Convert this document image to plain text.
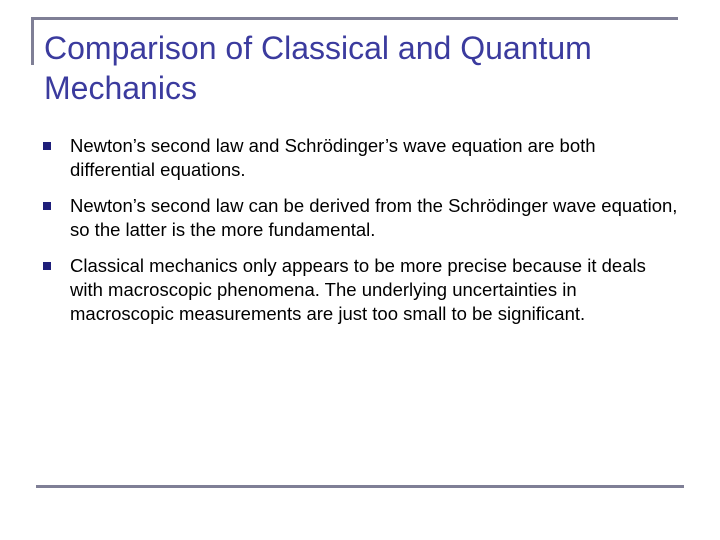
Comparison of Classical and Quantum Mechanics
Newton’s second law and Schrödinger’s wave equation are both differential equations.
Newton’s second law can be derived from the Schrödinger wave equation, so the latter is the more fundamental.
Classical mechanics only appears to be more precise because it deals with macroscopic phenomena. The underlying uncertainties in macroscopic measurements are just too small to be significant.
